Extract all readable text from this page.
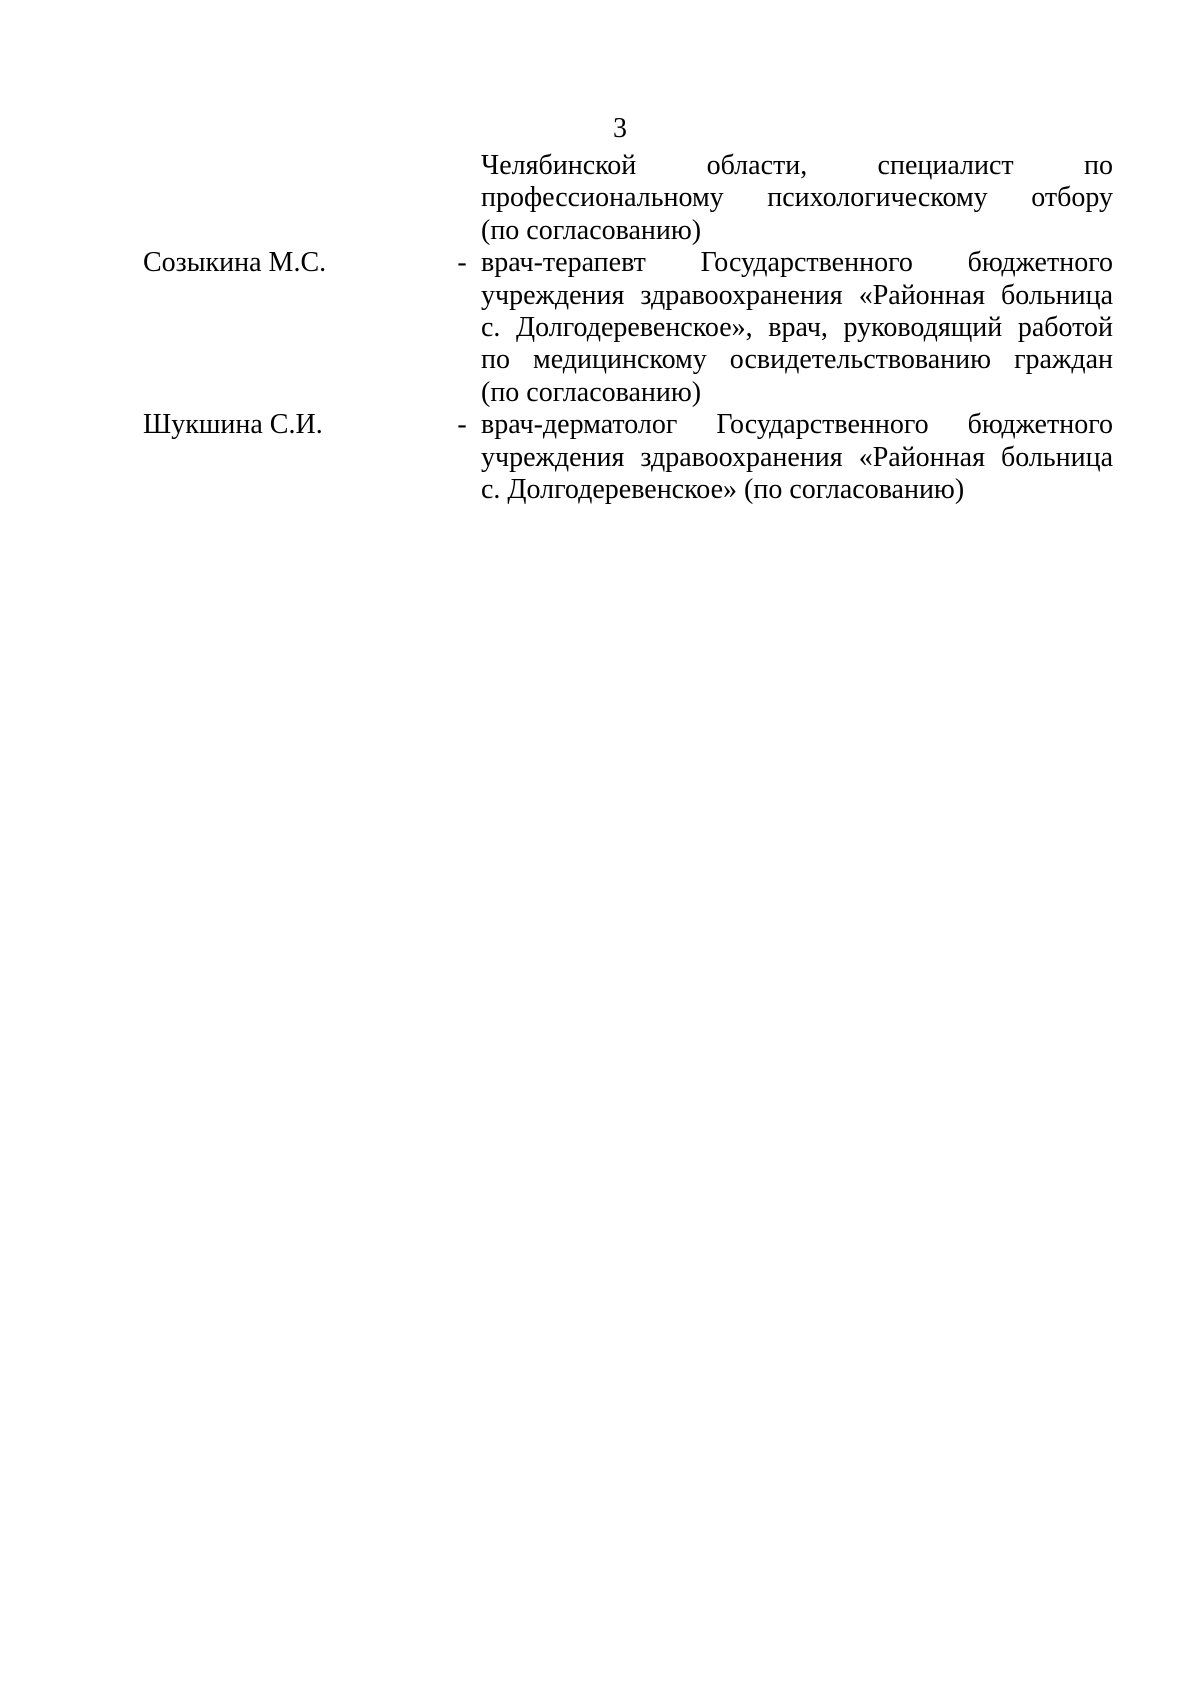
3
Челябинской области, специалист по
профессиональному психологическому отбору
(по согласованию)
Созыкина М.С.	- врач-терапевт Государственного бюджетного
учреждения здравоохранения «Районная больница
с. Долгодеревенское», врач, руководящий работой
по медицинскому освидетельствованию граждан
(по согласованию)
Шукшина С.И.	- врач-дерматолог Государственного бюджетного
учреждения здравоохранения «Районная больница
с. Долгодеревенское» (по согласованию)
